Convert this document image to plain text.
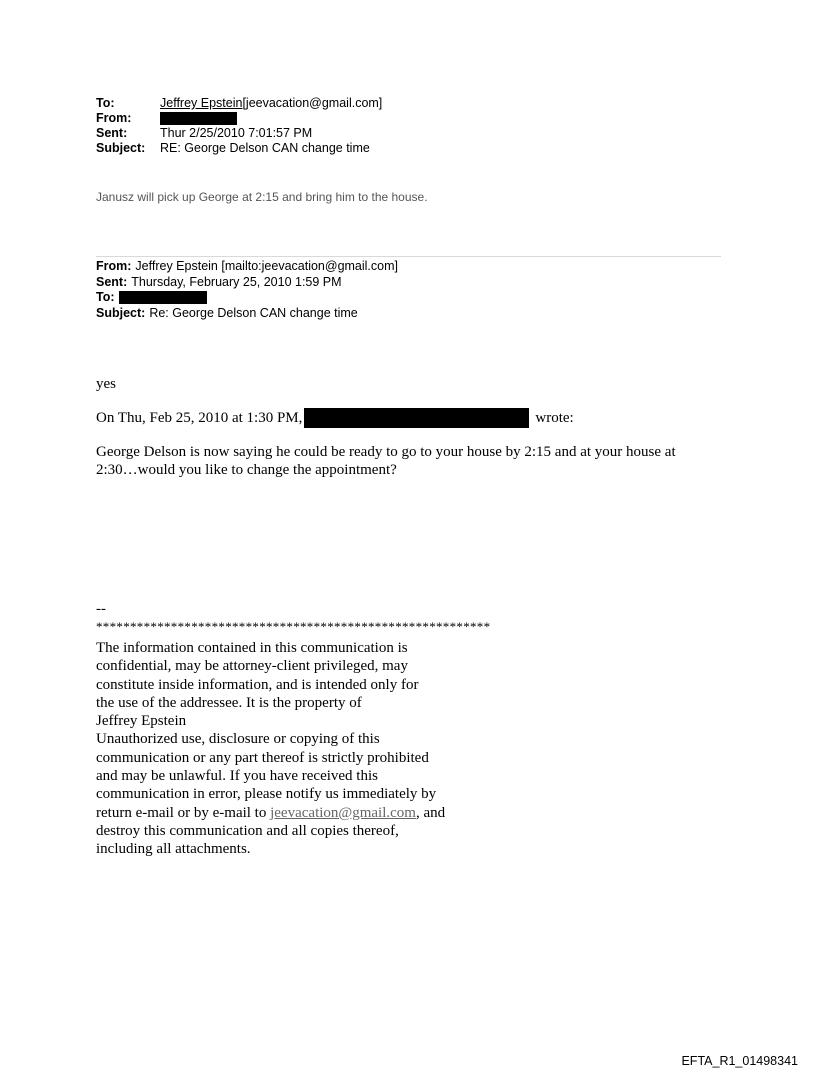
To:	Jeffrey Epstein[jeevacation@gmail.com]
From:
Sent:	Thur 2/25/2010 7:01:57 PM
Subject:	RE: George Delson CAN change time
Janusz will pick up George at 2:15 and bring him to the house.
From: Jeffrey Epstein [mailto:jeevacation@gmail.com]
Sent: Thursday, February 25, 2010 1:59 PM
To:
Subject: Re: George Delson CAN change time
yes
On Thu, Feb 25, 2010 at 1:30 PM,	wrote:
George Delson is now saying he could be ready to go to your house by 2:15 and at your house at 2:30…would you like to change the appointment?
--
**********************************************************
The information contained in this communication is
confidential, may be attorney-client privileged, may
constitute inside information, and is intended only for
the use of the addressee. It is the property of
Jeffrey Epstein
Unauthorized use, disclosure or copying of this
communication or any part thereof is strictly prohibited
and may be unlawful. If you have received this
communication in error, please notify us immediately by
return e-mail or by e-mail to jeevacation@gmail.com, and
destroy this communication and all copies thereof,
including all attachments.
EFTA_R1_01498341
